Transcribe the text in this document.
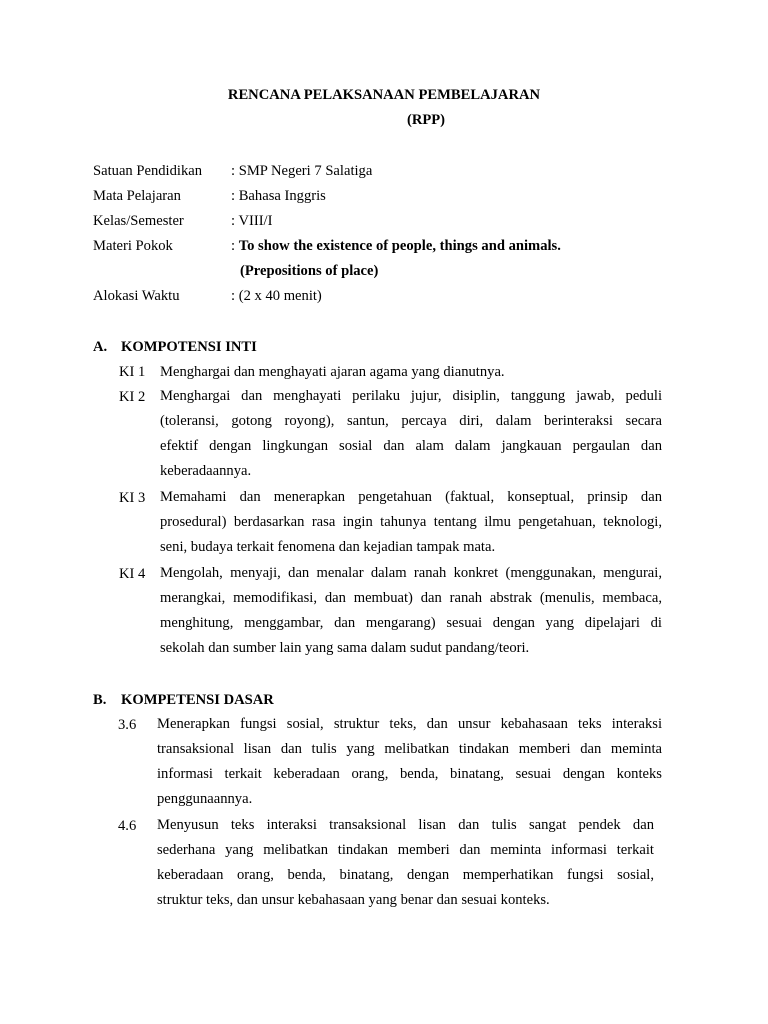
RENCANA PELAKSANAAN PEMBELAJARAN
(RPP)
Satuan Pendidikan : SMP Negeri 7 Salatiga
Mata Pelajaran	: Bahasa Inggris
Kelas/Semester	: VIII/I
Materi Pokok	: To show the existence of people, things and animals.
(Prepositions of place)
Alokasi Waktu	: (2 x 40 menit)
A. KOMPOTENSI INTI
KI 1 Menghargai dan menghayati ajaran agama yang dianutnya.
KI 2 Menghargai dan menghayati perilaku jujur, disiplin, tanggung jawab, peduli
(toleransi, gotong royong), santun, percaya diri, dalam berinteraksi secara
efektif dengan lingkungan sosial dan alam dalam jangkauan pergaulan dan
keberadaannya.
KI 3 Memahami dan menerapkan pengetahuan (faktual, konseptual, prinsip dan
prosedural) berdasarkan rasa ingin tahunya tentang ilmu pengetahuan, teknologi,
seni, budaya terkait fenomena dan kejadian tampak mata.
KI 4 Mengolah, menyaji, dan menalar dalam ranah konkret (menggunakan, mengurai,
merangkai, memodifikasi, dan membuat) dan ranah abstrak (menulis, membaca,
menghitung, menggambar, dan mengarang) sesuai dengan yang dipelajari di
sekolah dan sumber lain yang sama dalam sudut pandang/teori.
B. KOMPETENSI DASAR
3.6 Menerapkan fungsi sosial, struktur teks, dan unsur kebahasaan teks interaksi
transaksional lisan dan tulis yang melibatkan tindakan memberi dan meminta
informasi terkait keberadaan orang, benda, binatang, sesuai dengan konteks
penggunaannya.
4.6 Menyusun teks interaksi transaksional lisan dan tulis sangat pendek dan
sederhana yang melibatkan tindakan memberi dan meminta informasi terkait
keberadaan orang, benda, binatang, dengan memperhatikan fungsi sosial,
struktur teks, dan unsur kebahasaan yang benar dan sesuai konteks.
